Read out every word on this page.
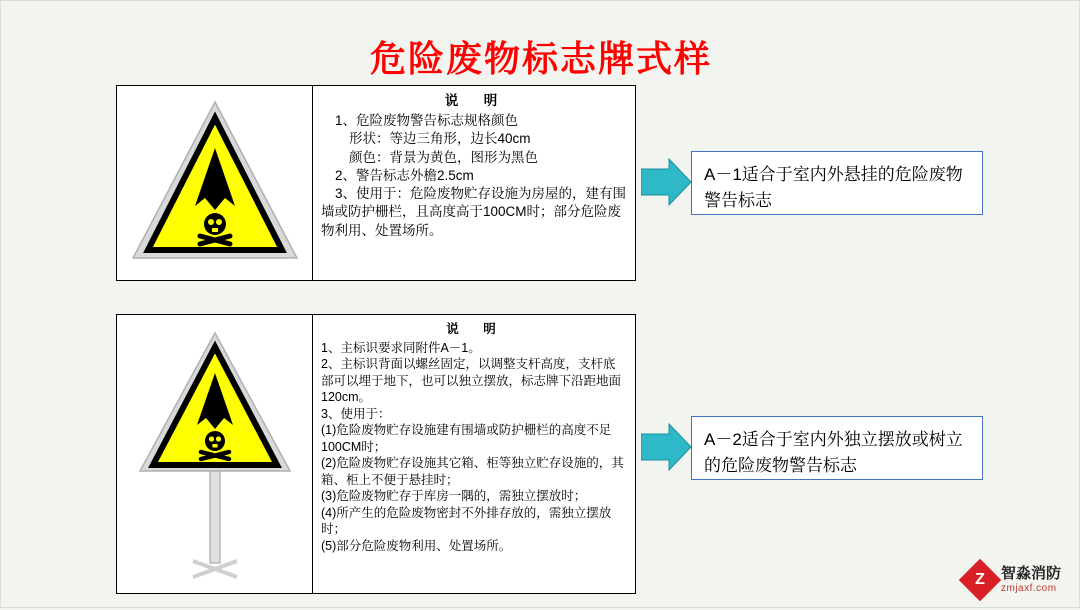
危险废物标志牌式样
说　明

1、危险废物警告标志规格颜色

形状：等边三角形，边长40cm

颜色：背景为黄色，图形为黑色

2、警告标志外檐2.5cm

3、使用于：危险废物贮存设施为房屋的，建有围墙或防护栅栏，且高度高于100CM时；部分危险废物利用、处置场所。

A－1适合于室内外悬挂的危险废物警告标志
说　明

1、主标识要求同附件A－1。

2、主标识背面以螺丝固定，以调整支杆高度，支杆底部可以埋于地下，也可以独立摆放，标志牌下沿距地面120cm。

3、使用于：

(1)危险废物贮存设施建有围墙或防护栅栏的高度不足100CM时；

(2)危险废物贮存设施其它箱、柜等独立贮存设施的，其箱、柜上不便于悬挂时；

(3)危险废物贮存于库房一隅的，需独立摆放时；

(4)所产生的危险废物密封不外排存放的，需独立摆放时；

(5)部分危险废物利用、处置场所。

A－2适合于室内外独立摆放或树立的危险废物警告标志
Z	智淼消防
zmjaxf.com
